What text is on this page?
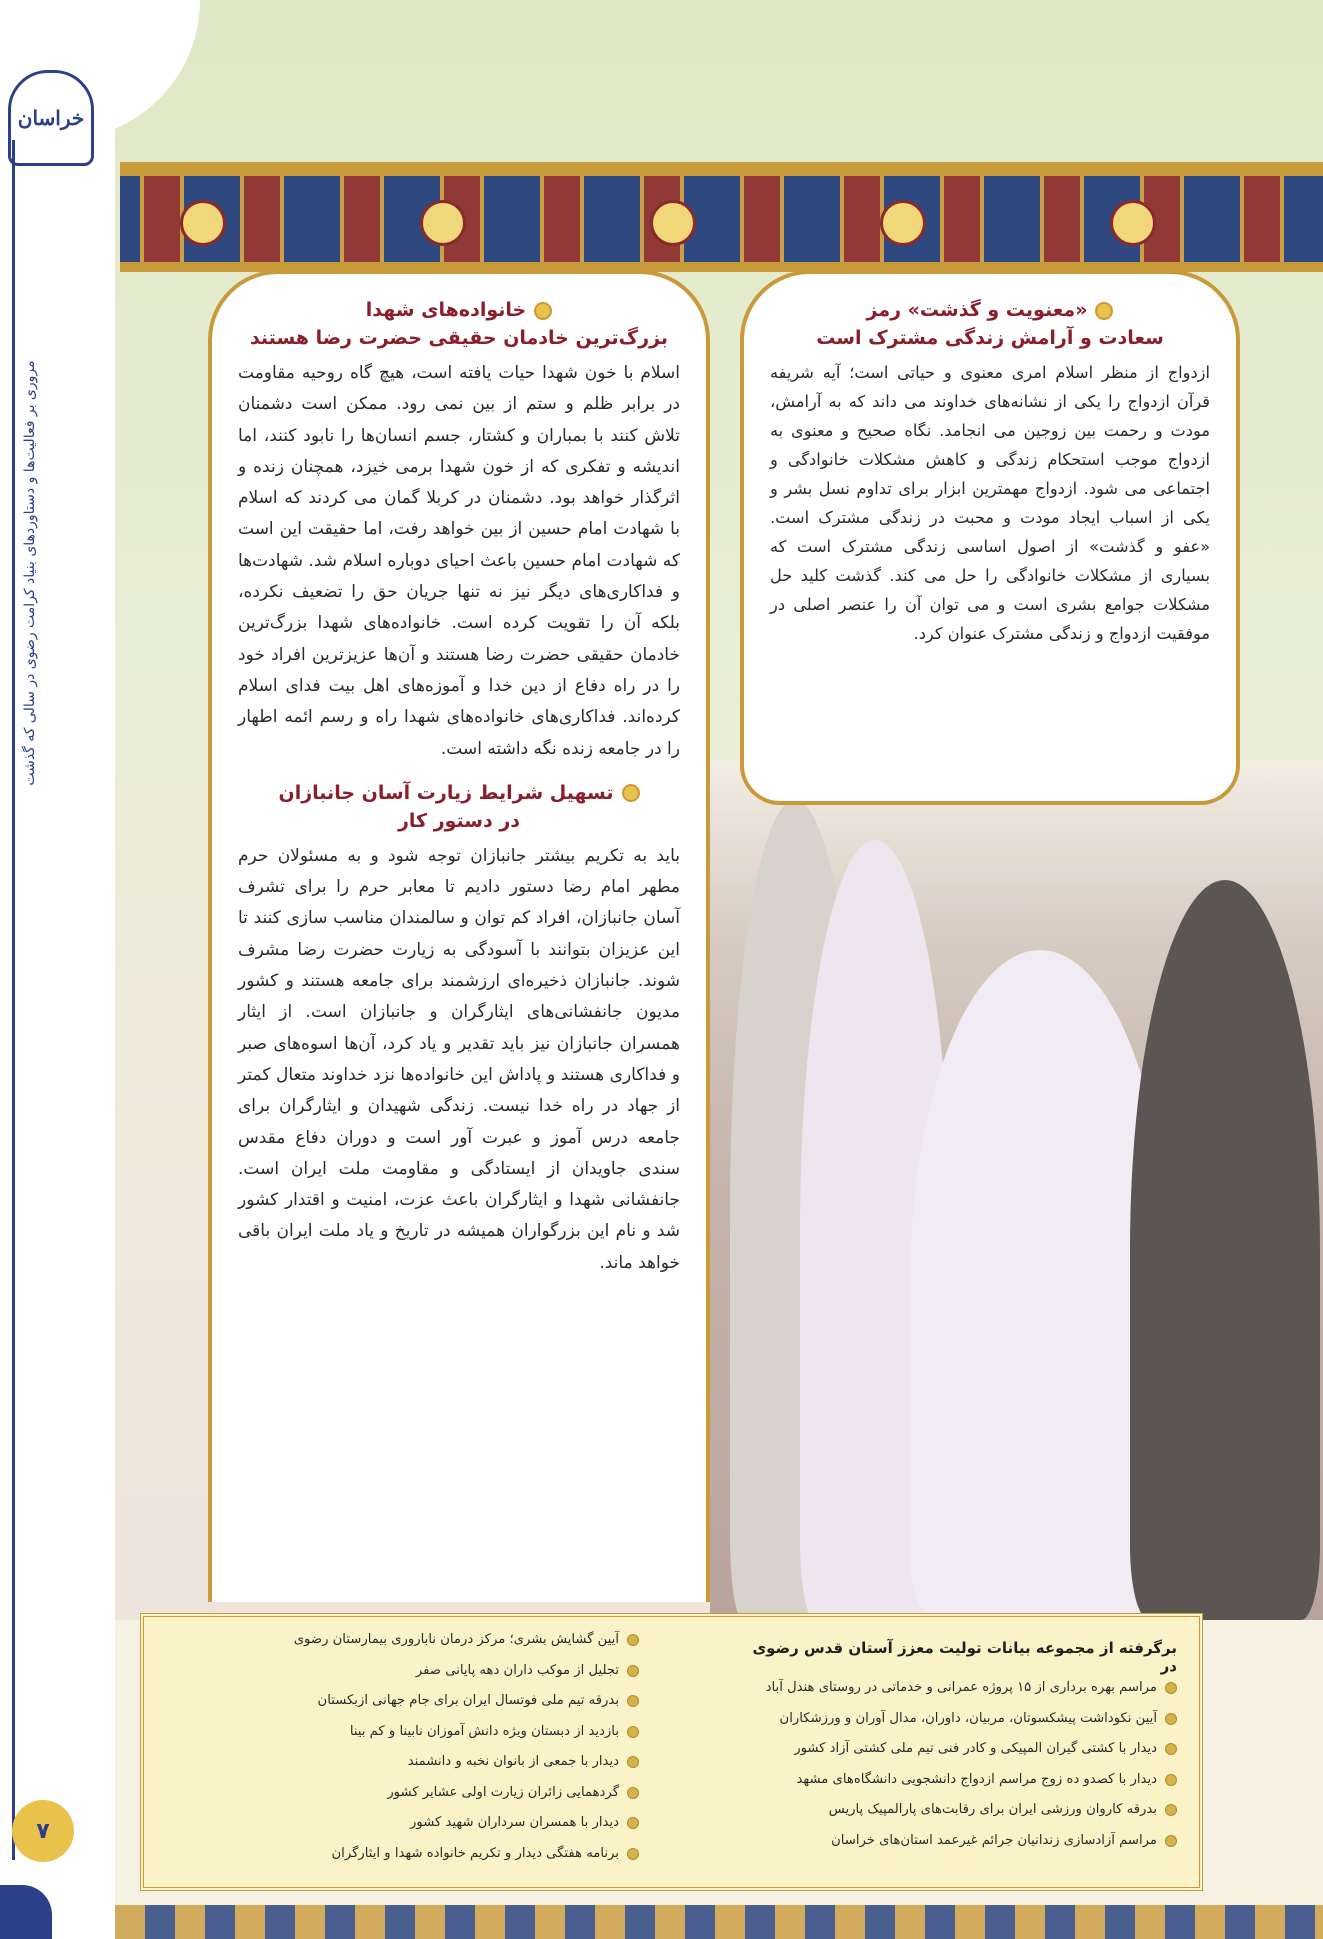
خراسان
مروری بر فعالیت‌ها و دستاوردهای بنیاد کرامت رضوی در سالی که گذشت
۷
خانواده‌های شهدا
بزرگ‌ترین خادمان حقیقی حضرت رضا هستند

اسلام با خون شهدا حیات یافته است، هیچ گاه روحیه مقاومت در برابر ظلم و ستم از بین نمی رود. ممکن است دشمنان تلاش کنند با بمباران و کشتار، جسم انسان‌ها را نابود کنند، اما اندیشه و تفکری که از خون شهدا برمی خیزد، همچنان زنده و اثرگذار خواهد بود. دشمنان در کربلا گمان می کردند که اسلام با شهادت امام حسین از بین خواهد رفت، اما حقیقت این است که شهادت امام حسین باعث احیای دوباره اسلام شد. شهادت‌ها و فداکاری‌های دیگر نیز نه تنها جریان حق را تضعیف نکرده، بلکه آن را تقویت کرده است. خانواده‌های شهدا بزرگ‌ترین خادمان حقیقی حضرت رضا هستند و آن‌ها عزیزترین افراد خود را در راه دفاع از دین خدا و آموزه‌های اهل بیت فدای اسلام کرده‌اند. فداکاری‌های خانواده‌های شهدا راه و رسم ائمه اطهار را در جامعه زنده نگه داشته است.

تسهیل شرایط زیارت آسان جانبازان
در دستور کار

باید به تکریم بیشتر جانبازان توجه شود و به مسئولان حرم مطهر امام رضا دستور دادیم تا معابر حرم را برای تشرف آسان جانبازان، افراد کم توان و سالمندان مناسب سازی کنند تا این عزیزان بتوانند با آسودگی به زیارت حضرت رضا مشرف شوند. جانبازان ذخیره‌ای ارزشمند برای جامعه هستند و کشور مدیون جانفشانی‌های ایثارگران و جانبازان است. از ایثار همسران جانبازان نیز باید تقدیر و یاد کرد، آن‌ها اسوه‌های صبر و فداکاری هستند و پاداش این خانواده‌ها نزد خداوند متعال کمتر از جهاد در راه خدا نیست. زندگی شهیدان و ایثارگران برای جامعه درس آموز و عبرت آور است و دوران دفاع مقدس سندی جاویدان از ایستادگی و مقاومت ملت ایران است. جانفشانی شهدا و ایثارگران باعث عزت، امنیت و اقتدار کشور شد و نام این بزرگواران همیشه در تاریخ و یاد ملت ایران باقی خواهد ماند.

«معنویت و گذشت» رمز
سعادت و آرامش زندگی مشترک است

ازدواج از منظر اسلام امری معنوی و حیاتی است؛ آیه شریفه قرآن ازدواج را یکی از نشانه‌های خداوند می داند که به آرامش، مودت و رحمت بین زوجین می انجامد. نگاه صحیح و معنوی به ازدواج موجب استحکام زندگی و کاهش مشکلات خانوادگی و اجتماعی می شود. ازدواج مهمترین ابزار برای تداوم نسل بشر و یکی از اسباب ایجاد مودت و محبت در زندگی مشترک است. «عفو و گذشت» از اصول اساسی زندگی مشترک است که بسیاری از مشکلات خانوادگی را حل می کند. گذشت کلید حل مشکلات جوامع بشری است و می توان آن را عنصر اصلی در موفقیت ازدواج و زندگی مشترک عنوان کرد.

برگرفته از مجموعه بیانات تولیت معزز آستان قدس رضوی در
مراسم بهره برداری از ۱۵ پروژه عمرانی و خدماتی در روستای هندل آباد
آیین نکوداشت پیشکسوتان، مربیان، داوران، مدال آوران و ورزشکاران
دیدار با کشتی گیران المپیکی و کادر فنی تیم ملی کشتی آزاد کشور
دیدار با کصدو ده زوج مراسم ازدواج دانشجویی دانشگاه‌های مشهد
بدرقه کاروان ورزشی ایران برای رقابت‌های پارالمپیک پاریس
مراسم آزادسازی زندانیان جرائم غیرعمد استان‌های خراسان
آیین گشایش بشری؛ مرکز درمان ناباروری بیمارستان رضوی
تجلیل از موکب داران دهه پایانی صفر
بدرقه تیم ملی فوتسال ایران برای جام جهانی ازبکستان
بازدید از دبستان ویژه دانش آموزان نابینا و کم بینا
دیدار با جمعی از بانوان نخبه و دانشمند
گردهمایی زائران زیارت اولی عشایر کشور
دیدار با همسران سرداران شهید کشور
برنامه هفتگی دیدار و تکریم خانواده شهدا و ایثارگران
